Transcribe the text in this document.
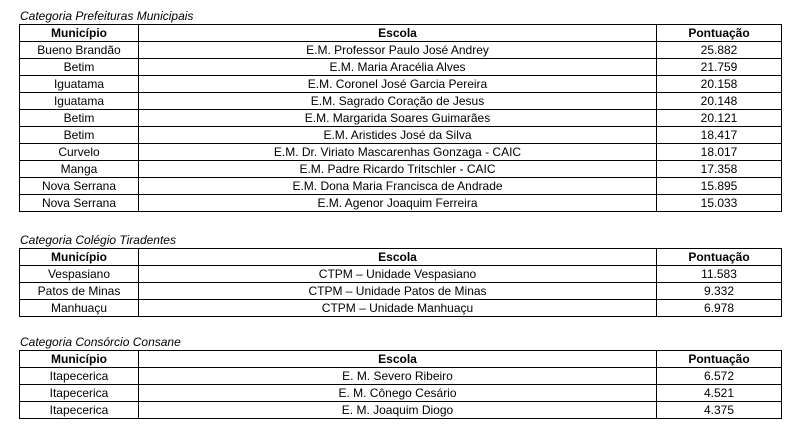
Categoria Prefeituras Municipais
Município	Escola	Pontuação
Bueno Brandão	E.M. Professor Paulo José Andrey	25.882
Betim	E.M. Maria Aracélia Alves	21.759
Iguatama	E.M. Coronel José Garcia Pereira	20.158
Iguatama	E.M. Sagrado Coração de Jesus	20.148
Betim	E.M. Margarida Soares Guimarães	20.121
Betim	E.M. Aristides José da Silva	18.417
Curvelo	E.M. Dr. Viriato Mascarenhas Gonzaga - CAIC	18.017
Manga	E.M. Padre Ricardo Tritschler - CAIC	17.358
Nova Serrana	E.M. Dona Maria Francisca de Andrade	15.895
Nova Serrana	E.M. Agenor Joaquim Ferreira	15.033
Categoria Colégio Tiradentes
Município	Escola	Pontuação
Vespasiano	CTPM – Unidade Vespasiano	11.583
Patos de Minas	CTPM – Unidade Patos de Minas	9.332
Manhuaçu	CTPM – Unidade Manhuaçu	6.978
Categoria Consórcio Consane
Município	Escola	Pontuação
Itapecerica	E. M. Severo Ribeiro	6.572
Itapecerica	E. M. Cônego Cesário	4.521
Itapecerica	E. M. Joaquim Diogo	4.375
